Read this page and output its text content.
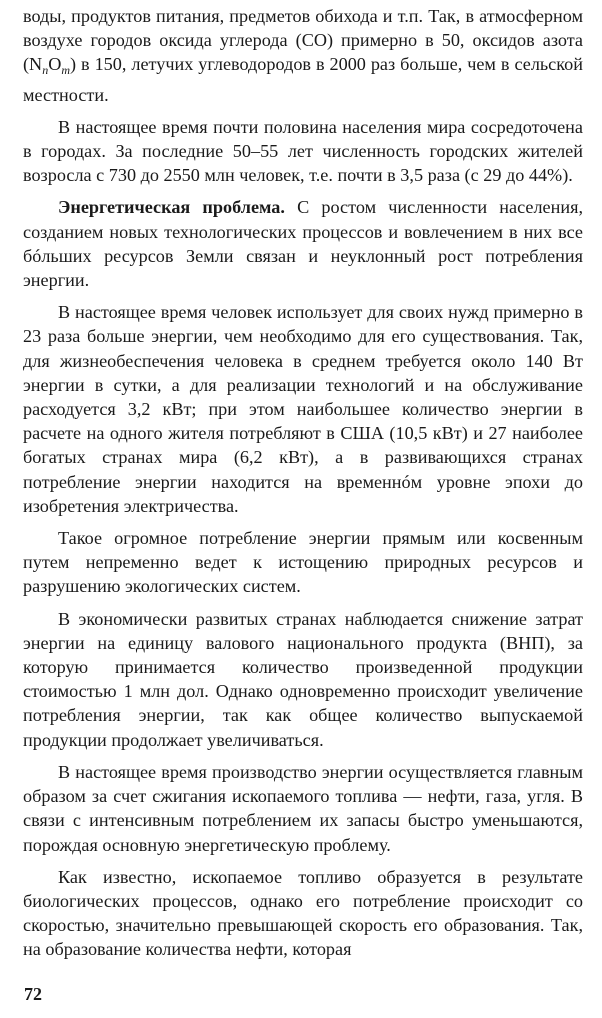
воды, продуктов питания, предметов обихода и т.п. Так, в атмосферном воздухе городов оксида углерода (СО) примерно в 50, оксидов азота $(N_nO_m)$ в 150, летучих углеводородов в 2000 раз больше, чем в сельской местности.

В настоящее время почти половина населения мира сосредоточена в городах. За последние 50–55 лет численность городских жителей возросла с 730 до 2550 млн человек, т.е. почти в 3,5 раза (с 29 до 44%).

Энергетическая проблема. С ростом численности населения, созданием новых технологических процессов и вовлечением в них все бóльших ресурсов Земли связан и неуклонный рост потребления энергии.

В настоящее время человек использует для своих нужд примерно в 23 раза больше энергии, чем необходимо для его существования. Так, для жизнеобеспечения человека в среднем требуется около 140 Вт энергии в сутки, а для реализации технологий и на обслуживание расходуется 3,2 кВт; при этом наибольшее количество энергии в расчете на одного жителя потребляют в США (10,5 кВт) и 27 наиболее богатых странах мира (6,2 кВт), а в развивающихся странах потребление энергии находится на временнóм уровне эпохи до изобретения электричества.

Такое огромное потребление энергии прямым или косвенным путем непременно ведет к истощению природных ресурсов и разрушению экологических систем.

В экономически развитых странах наблюдается снижение затрат энергии на единицу валового национального продукта (ВНП), за которую принимается количество произведенной продукции стоимостью 1 млн дол. Однако одновременно происходит увеличение потребления энергии, так как общее количество выпускаемой продукции продолжает увеличиваться.

В настоящее время производство энергии осуществляется главным образом за счет сжигания ископаемого топлива — нефти, газа, угля. В связи с интенсивным потреблением их запасы быстро уменьшаются, порождая основную энергетическую проблему.

Как известно, ископаемое топливо образуется в результате биологических процессов, однако его потребление происходит со скоростью, значительно превышающей скорость его образования. Так, на образование количества нефти, которая

72
